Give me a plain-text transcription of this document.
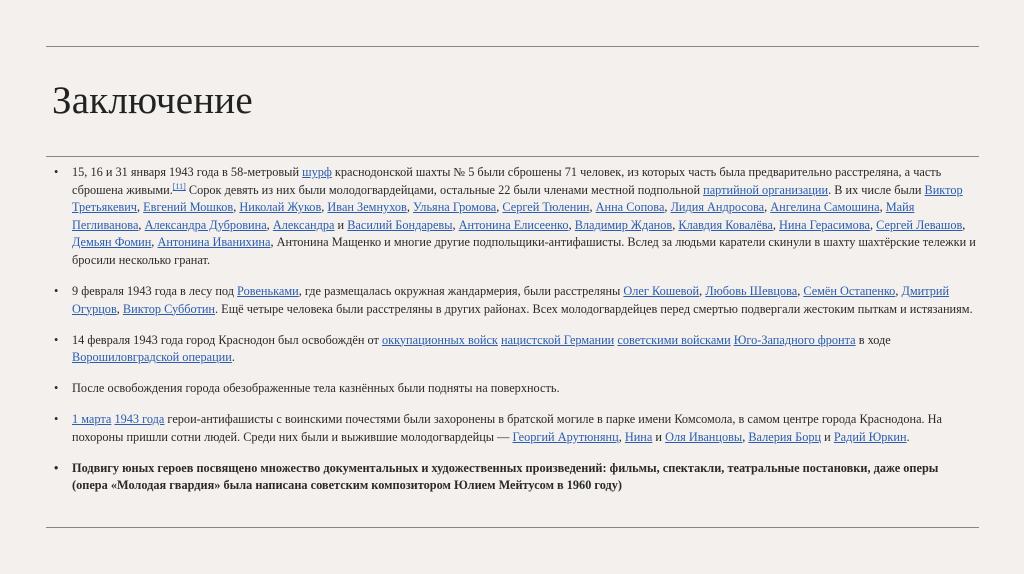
Заключение
• 15, 16 и 31 января 1943 года в 58-метровый шурф краснодонской шахты № 5 были сброшены 71 человек, из которых часть была предварительно расстреляна, а часть сброшена живыми.[11] Сорок девять из них были молодогвардейцами, остальные 22 были членами местной подпольной партийной организации. В их числе были Виктор Третьякевич, Евгений Мошков, Николай Жуков, Иван Земнухов, Ульяна Громова, Сергей Тюленин, Анна Сопова, Лидия Андросова, Ангелина Самошина, Майя Пегливанова, Александра Дубровина, Александра и Василий Бондаревы, Антонина Елисеенко, Владимир Жданов, Клавдия Ковалёва, Нина Герасимова, Сергей Левашов, Демьян Фомин, Антонина Иванихина, Антонина Мащенко и многие другие подпольщики-антифашисты. Вслед за людьми каратели скинули в шахту шахтёрские тележки и бросили несколько гранат.
• 9 февраля 1943 года в лесу под Ровеньками, где размещалась окружная жандармерия, были расстреляны Олег Кошевой, Любовь Шевцова, Семён Остапенко, Дмитрий Огурцов, Виктор Субботин. Ещё четыре человека были расстреляны в других районах. Всех молодогвардейцев перед смертью подвергали жестоким пыткам и истязаниям.
• 14 февраля 1943 года город Краснодон был освобождён от оккупационных войск нацистской Германии советскими войсками Юго-Западного фронта в ходе Ворошиловградской операции.
• После освобождения города обезображенные тела казнённых были подняты на поверхность.
• 1 марта 1943 года герои-антифашисты с воинскими почестями были захоронены в братской могиле в парке имени Комсомола, в самом центре города Краснодона. На похороны пришли сотни людей. Среди них были и выжившие молодогвардейцы — Георгий Арутюнянц, Нина и Оля Иванцовы, Валерия Борц и Радий Юркин.
• Подвигу юных героев посвящено множество документальных и художественных произведений: фильмы, спектакли, театральные постановки, даже оперы (опера «Молодая гвардия» была написана советским композитором Юлием Мейтусом в 1960 году)
